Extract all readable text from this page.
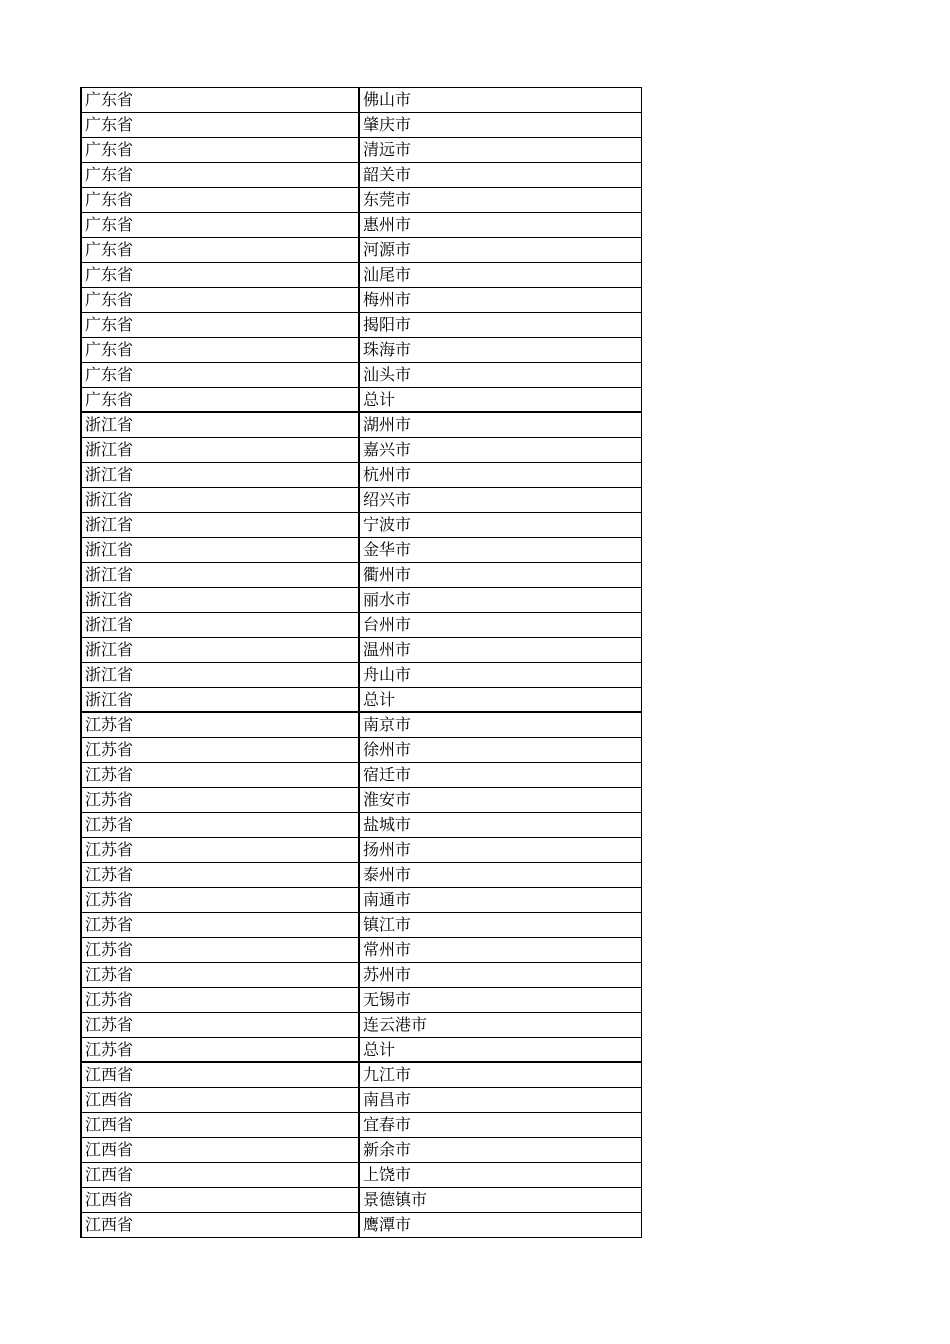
广东省	佛山市
广东省	肇庆市
广东省	清远市
广东省	韶关市
广东省	东莞市
广东省	惠州市
广东省	河源市
广东省	汕尾市
广东省	梅州市
广东省	揭阳市
广东省	珠海市
广东省	汕头市
广东省	总计
浙江省	湖州市
浙江省	嘉兴市
浙江省	杭州市
浙江省	绍兴市
浙江省	宁波市
浙江省	金华市
浙江省	衢州市
浙江省	丽水市
浙江省	台州市
浙江省	温州市
浙江省	舟山市
浙江省	总计
江苏省	南京市
江苏省	徐州市
江苏省	宿迁市
江苏省	淮安市
江苏省	盐城市
江苏省	扬州市
江苏省	泰州市
江苏省	南通市
江苏省	镇江市
江苏省	常州市
江苏省	苏州市
江苏省	无锡市
江苏省	连云港市
江苏省	总计
江西省	九江市
江西省	南昌市
江西省	宜春市
江西省	新余市
江西省	上饶市
江西省	景德镇市
江西省	鹰潭市
